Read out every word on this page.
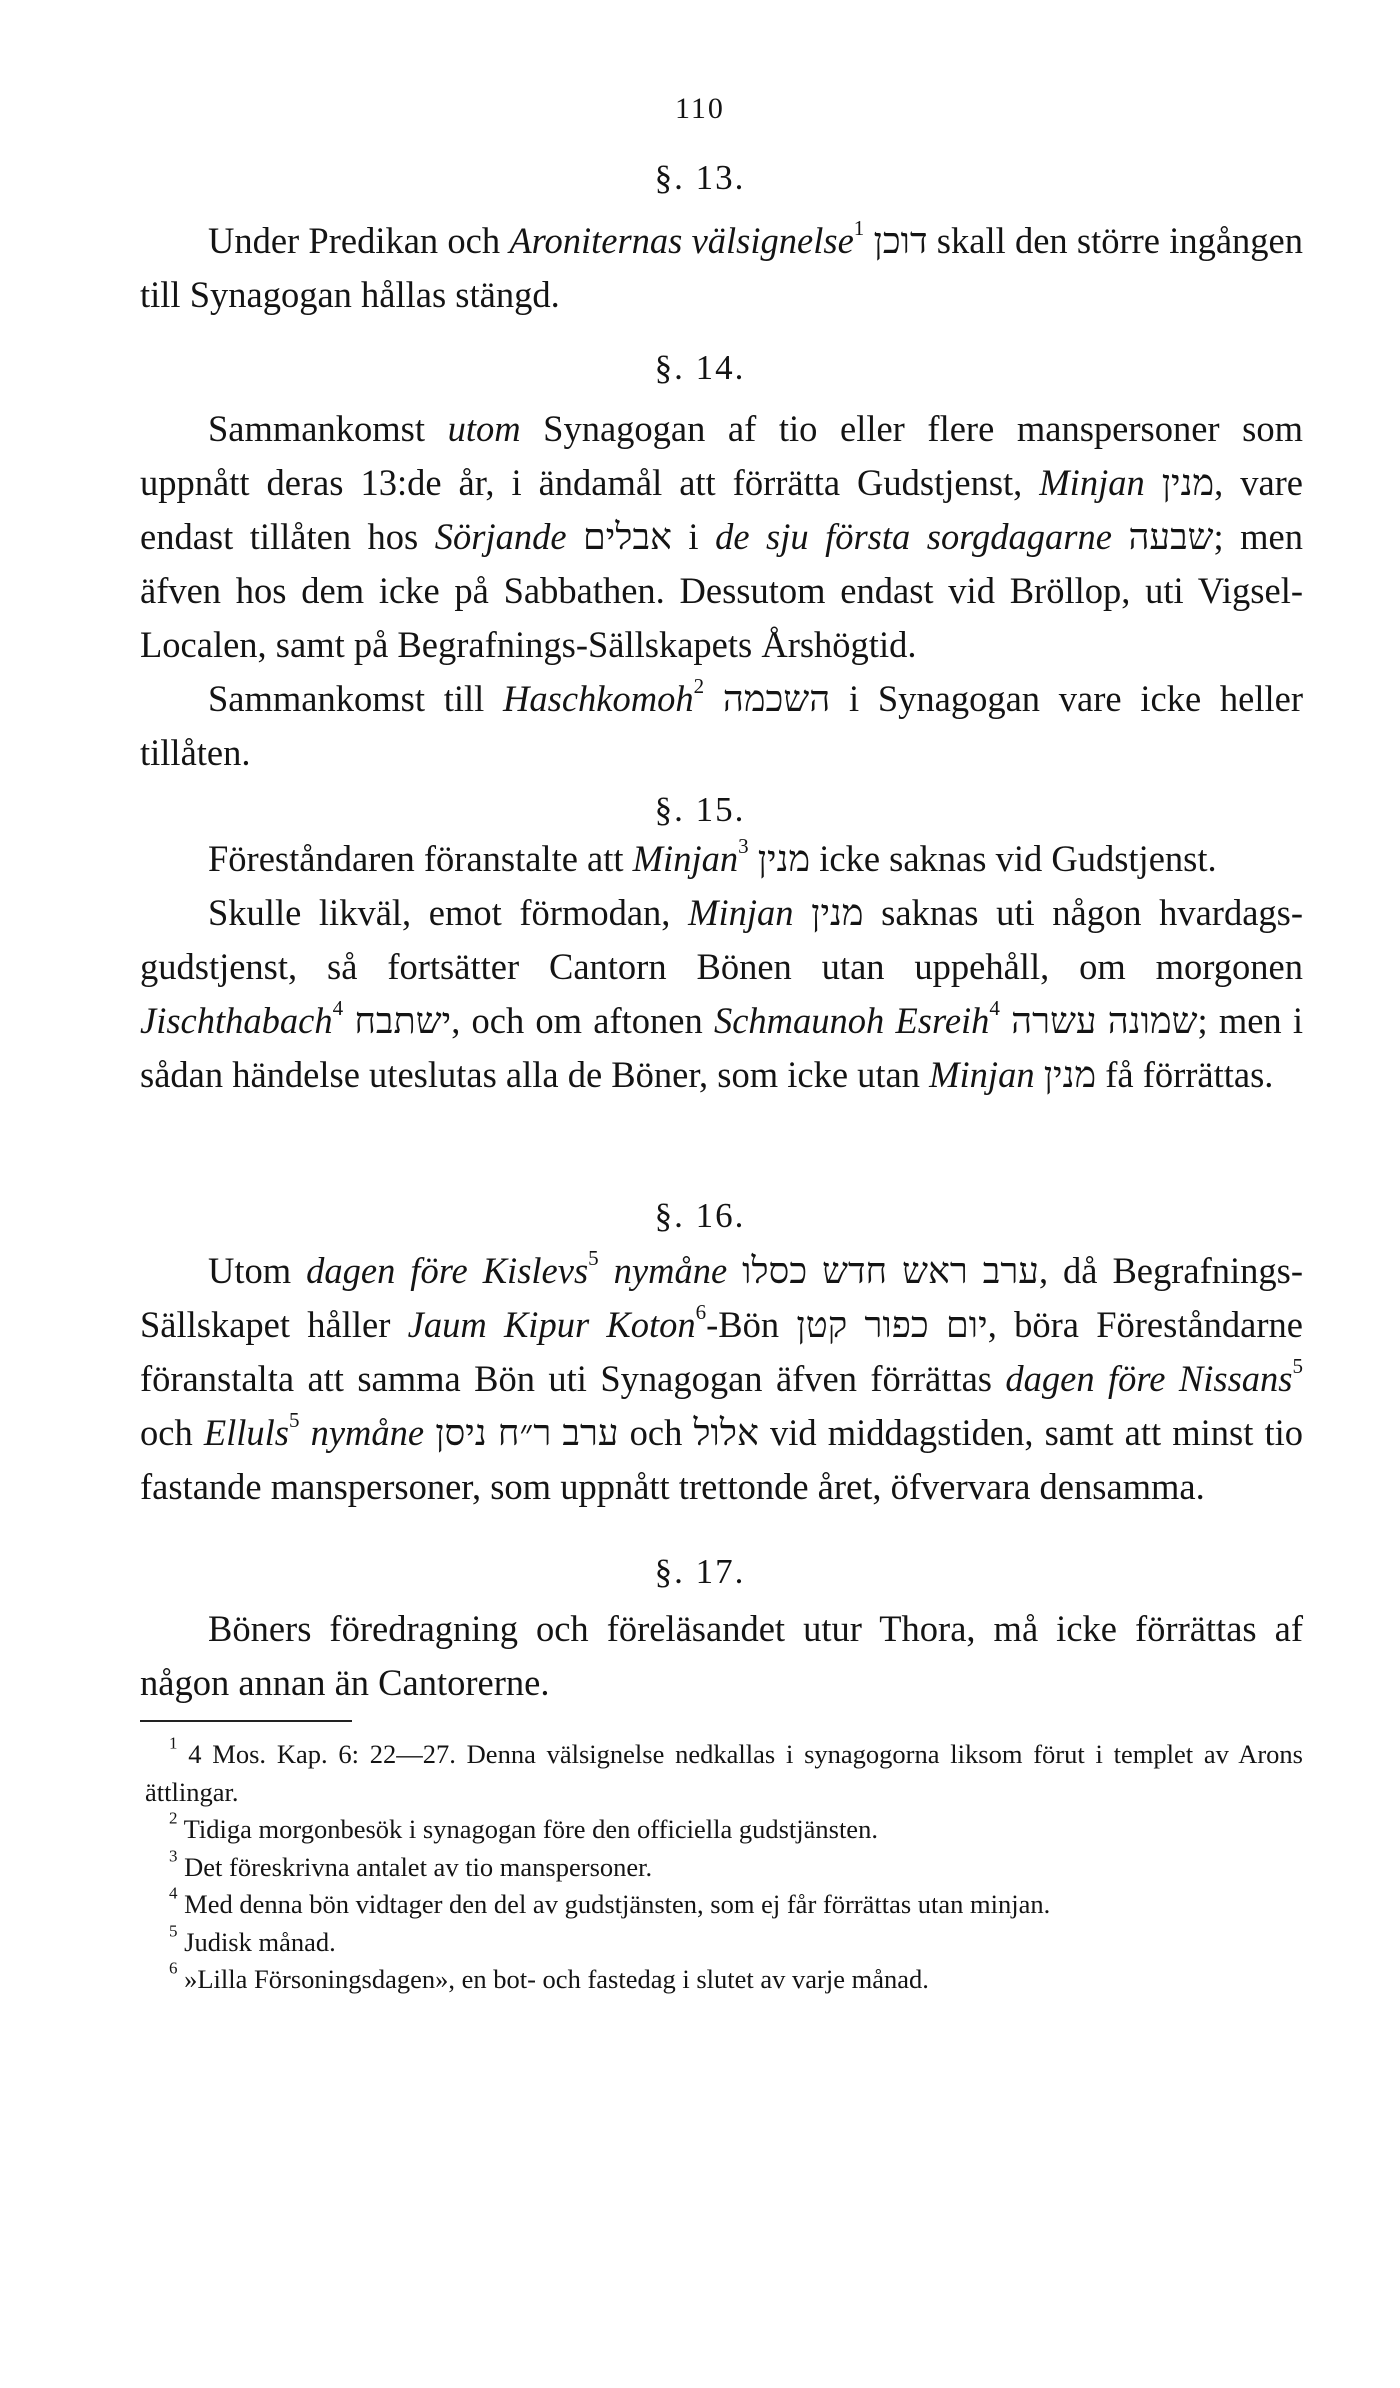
110
§. 13.

Under Predikan och Aroniternas välsignelse$^1$ דוכן skall den större ingången till Synagogan hållas stängd.

§. 14.

Sammankomst utom Synagogan af tio eller flere manspersoner som uppnått deras 13:de år, i ändamål att förrätta Gudstjenst, Minjan מנין, vare endast tillåten hos Sörjande אבלים i de sju första sorgdagarne שבעה; men äfven hos dem icke på Sabbathen. Dessutom endast vid Bröllop, uti Vigsel-Localen, samt på Begrafnings-Sällskapets Årshögtid.

Sammankomst till Haschkomoh$^2$ השכמה i Synagogan vare icke heller tillåten.

§. 15.

Föreståndaren föranstalte att Minjan$^3$ מנין icke saknas vid Gudstjenst.

Skulle likväl, emot förmodan, Minjan מנין saknas uti någon hvardags-gudstjenst, så fortsätter Cantorn Bönen utan uppehåll, om morgonen Jischthabach$^4$ ישתבח, och om aftonen Schmaunoh Esreih$^4$ שמונה עשרה; men i sådan händelse uteslutas alla de Böner, som icke utan Minjan מנין få förrättas.

§. 16.

Utom dagen före Kislevs$^5$ nymåne ערב ראש חדש כסלו, då Begrafnings-Sällskapet håller Jaum Kipur Koton$^6$-Bön יום כפור קטן, böra Föreståndarne föranstalta att samma Bön uti Synagogan äfven förrättas dagen före Nissans$^5$ och Elluls$^5$ nymåne ערב ר״ח ניסן och אלול vid middagstiden, samt att minst tio fastande manspersoner, som uppnått trettonde året, öfvervara densamma.

§. 17.

Böners föredragning och föreläsandet utur Thora, må icke förrättas af någon annan än Cantorerne.

$^1$ 4 Mos. Kap. 6: 22—27. Denna välsignelse nedkallas i synagogorna liksom förut i templet av Arons ättlingar.

$^2$ Tidiga morgonbesök i synagogan före den officiella gudstjänsten.

$^3$ Det föreskrivna antalet av tio manspersoner.

$^4$ Med denna bön vidtager den del av gudstjänsten, som ej får förrättas utan minjan.

$^5$ Judisk månad.

$^6$ »Lilla Försoningsdagen», en bot- och fastedag i slutet av varje månad.
